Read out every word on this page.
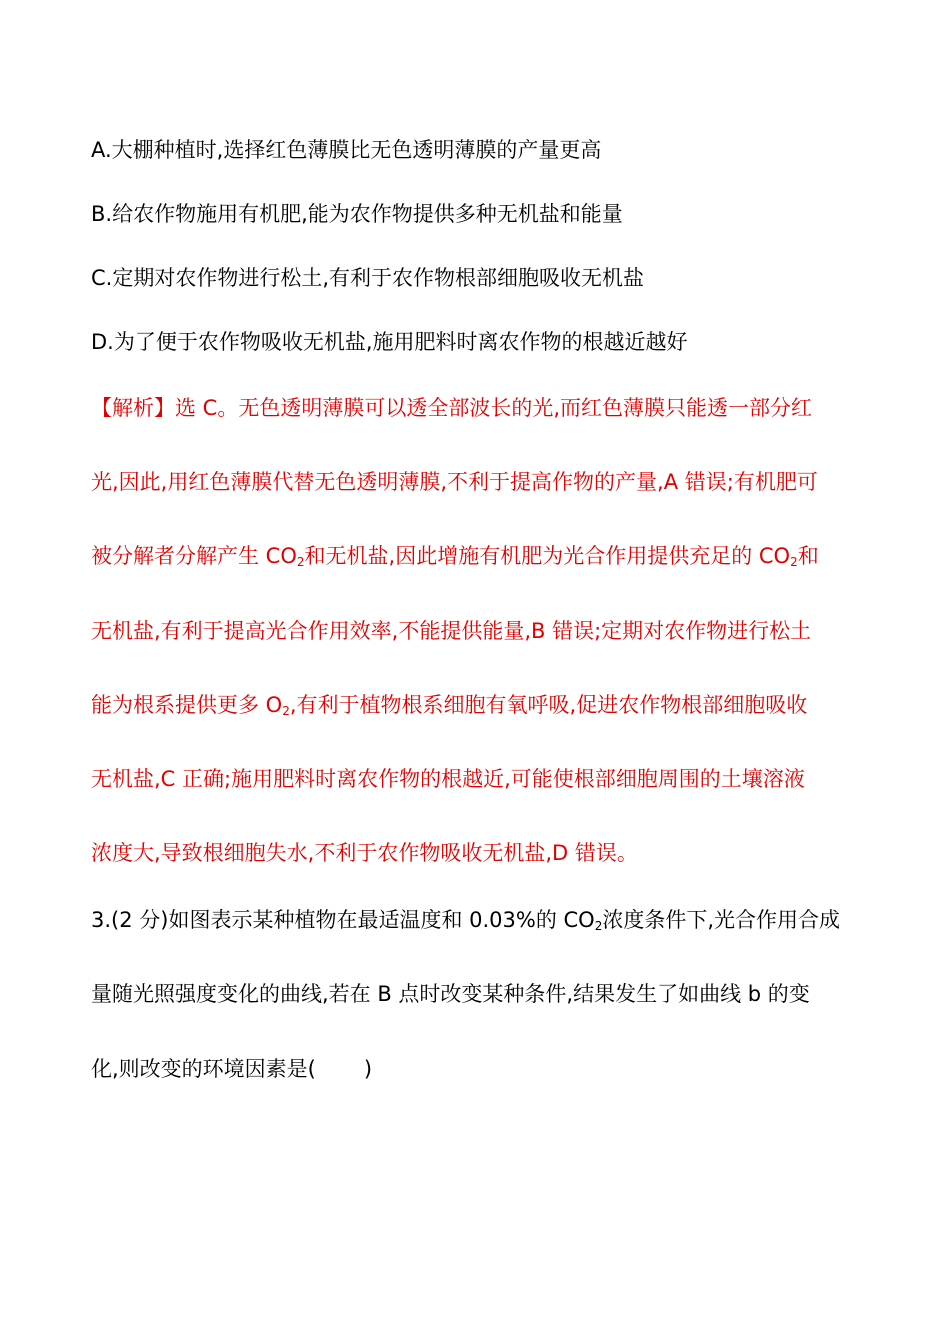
A.大棚种植时,选择红色薄膜比无色透明薄膜的产量更高
B.给农作物施用有机肥,能为农作物提供多种无机盐和能量
C.定期对农作物进行松土,有利于农作物根部细胞吸收无机盐
D.为了便于农作物吸收无机盐,施用肥料时离农作物的根越近越好
【解析】选 C。无色透明薄膜可以透全部波长的光,而红色薄膜只能透一部分红
光,因此,用红色薄膜代替无色透明薄膜,不利于提高作物的产量,A 错误;有机肥可
被分解者分解产生 $CO_2$和无机盐,因此增施有机肥为光合作用提供充足的 $CO_2$和
无机盐,有利于提高光合作用效率,不能提供能量,B 错误;定期对农作物进行松土
能为根系提供更多 $O_2$,有利于植物根系细胞有氧呼吸,促进农作物根部细胞吸收
无机盐,C 正确;施用肥料时离农作物的根越近,可能使根部细胞周围的土壤溶液
浓度大,导致根细胞失水,不利于农作物吸收无机盐,D 错误。
3.(2 分)如图表示某种植物在最适温度和 0.03%的 $CO_2$浓度条件下,光合作用合成
量随光照强度变化的曲线,若在 B 点时改变某种条件,结果发生了如曲线 b 的变
化,则改变的环境因素是( )
